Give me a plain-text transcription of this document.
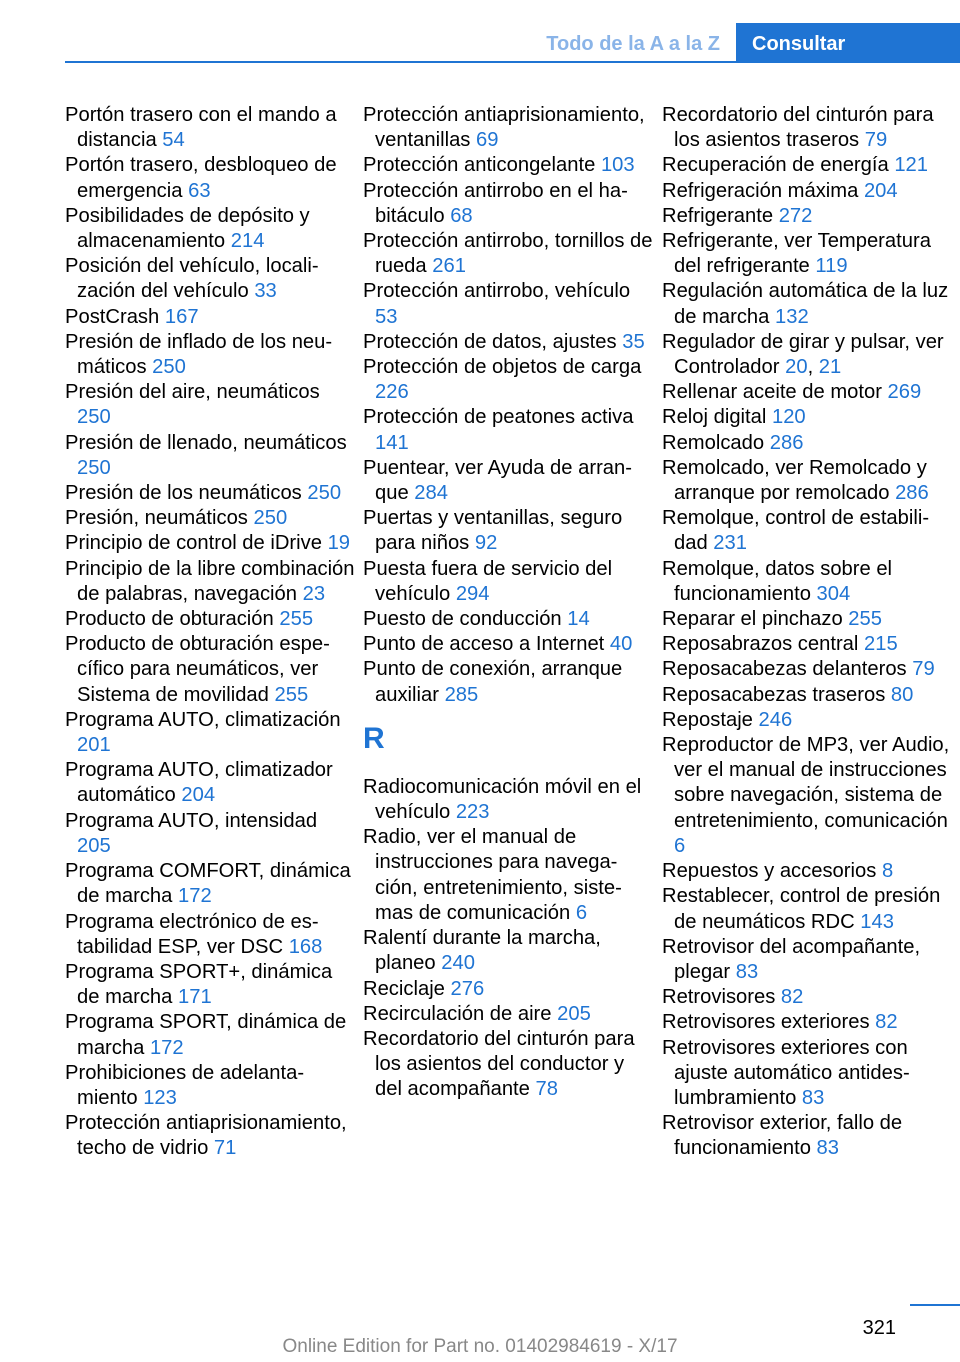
Todo de la A a la Z	Consultar
Portón trasero con el mando a distancia 54
Portón trasero, desbloqueo de emergencia 63
Posibilidades de depósito y almacenamiento 214
Posición del vehículo, localización del vehículo 33
PostCrash 167
Presión de inflado de los neumáticos 250
Presión del aire, neumáticos 250
Presión de llenado, neumáticos 250
Presión de los neumáticos 250
Presión, neumáticos 250
Principio de control de iDrive 19
Principio de la libre combinación de palabras, navegación 23
Producto de obturación 255
Producto de obturación específico para neumáticos, ver Sistema de movilidad 255
Programa AUTO, climatización 201
Programa AUTO, climatizador automático 204
Programa AUTO, intensidad 205
Programa COMFORT, dinámica de marcha 172
Programa electrónico de estabilidad ESP, ver DSC 168
Programa SPORT+, dinámica de marcha 171
Programa SPORT, dinámica de marcha 172
Prohibiciones de adelantamiento 123
Protección antiaprisionamiento, techo de vidrio 71
Protección antiaprisionamiento, ventanillas 69
Protección anticongelante 103
Protección antirrobo en el habitáculo 68
Protección antirrobo, tornillos de rueda 261
Protección antirrobo, vehículo 53
Protección de datos, ajustes 35
Protección de objetos de carga 226
Protección de peatones activa 141
Puentear, ver Ayuda de arranque 284
Puertas y ventanillas, seguro para niños 92
Puesta fuera de servicio del vehículo 294
Puesto de conducción 14
Punto de acceso a Internet 40
Punto de conexión, arranque auxiliar 285
R
Radiocomunicación móvil en el vehículo 223
Radio, ver el manual de instrucciones para navegación, entretenimiento, sistemas de comunicación 6
Ralentí durante la marcha, planeo 240
Reciclaje 276
Recirculación de aire 205
Recordatorio del cinturón para los asientos del conductor y del acompañante 78
Recordatorio del cinturón para los asientos traseros 79
Recuperación de energía 121
Refrigeración máxima 204
Refrigerante 272
Refrigerante, ver Temperatura del refrigerante 119
Regulación automática de la luz de marcha 132
Regulador de girar y pulsar, ver Controlador 20, 21
Rellenar aceite de motor 269
Reloj digital 120
Remolcado 286
Remolcado, ver Remolcado y arranque por remolcado 286
Remolque, control de estabilidad 231
Remolque, datos sobre el funcionamiento 304
Reparar el pinchazo 255
Reposabrazos central 215
Reposacabezas delanteros 79
Reposacabezas traseros 80
Repostaje 246
Reproductor de MP3, ver Audio, ver el manual de instrucciones sobre navegación, sistema de entretenimiento, comunicación 6
Repuestos y accesorios 8
Restablecer, control de presión de neumáticos RDC 143
Retrovisor del acompañante, plegar 83
Retrovisores 82
Retrovisores exteriores 82
Retrovisores exteriores con ajuste automático antideslumbramiento 83
Retrovisor exterior, fallo de funcionamiento 83
321
Online Edition for Part no. 01402984619 - X/17
